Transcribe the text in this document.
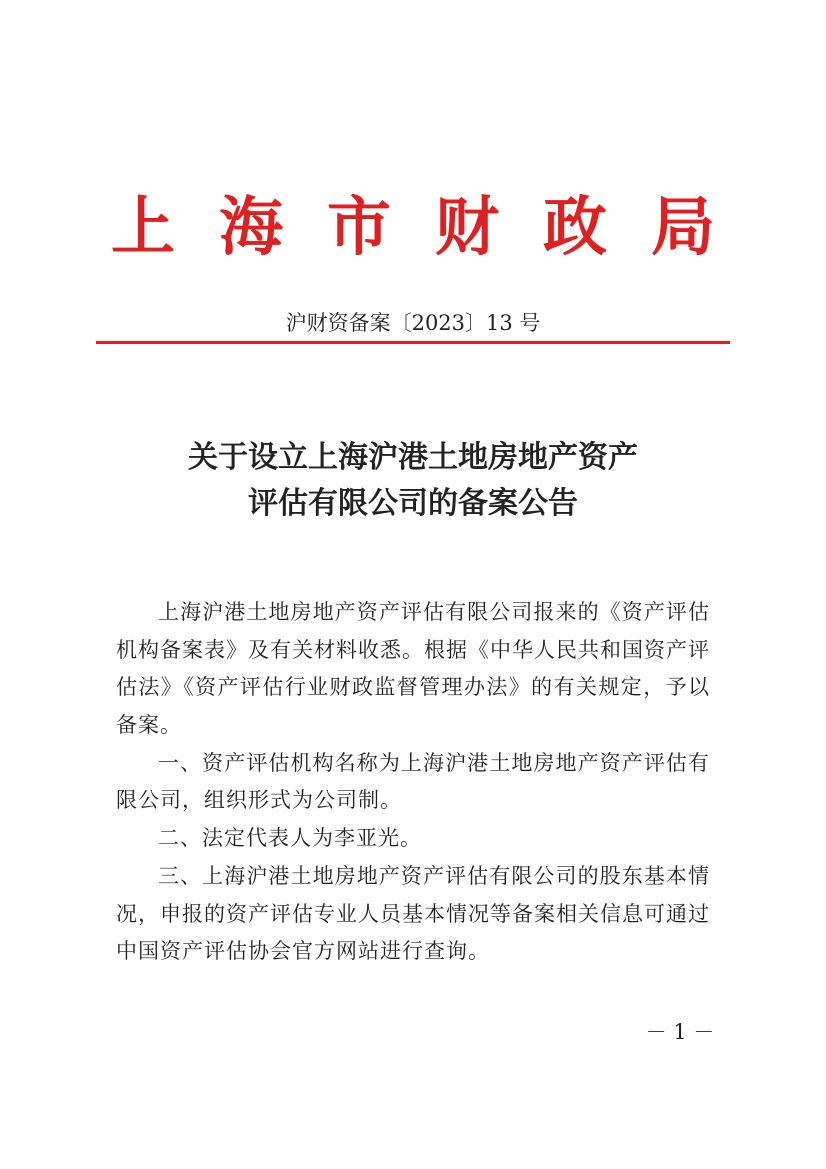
上海市财政局
沪财资备案〔2023〕13 号
关于设立上海沪港土地房地产资产
评估有限公司的备案公告

上海沪港土地房地产资产评估有限公司报来的《资产评估机构备案表》及有关材料收悉。根据《中华人民共和国资产评估法》《资产评估行业财政监督管理办法》的有关规定，予以备案。

一、资产评估机构名称为上海沪港土地房地产资产评估有限公司，组织形式为公司制。

二、法定代表人为李亚光。

三、上海沪港土地房地产资产评估有限公司的股东基本情况，申报的资产评估专业人员基本情况等备案相关信息可通过中国资产评估协会官方网站进行查询。

－ 1 －
